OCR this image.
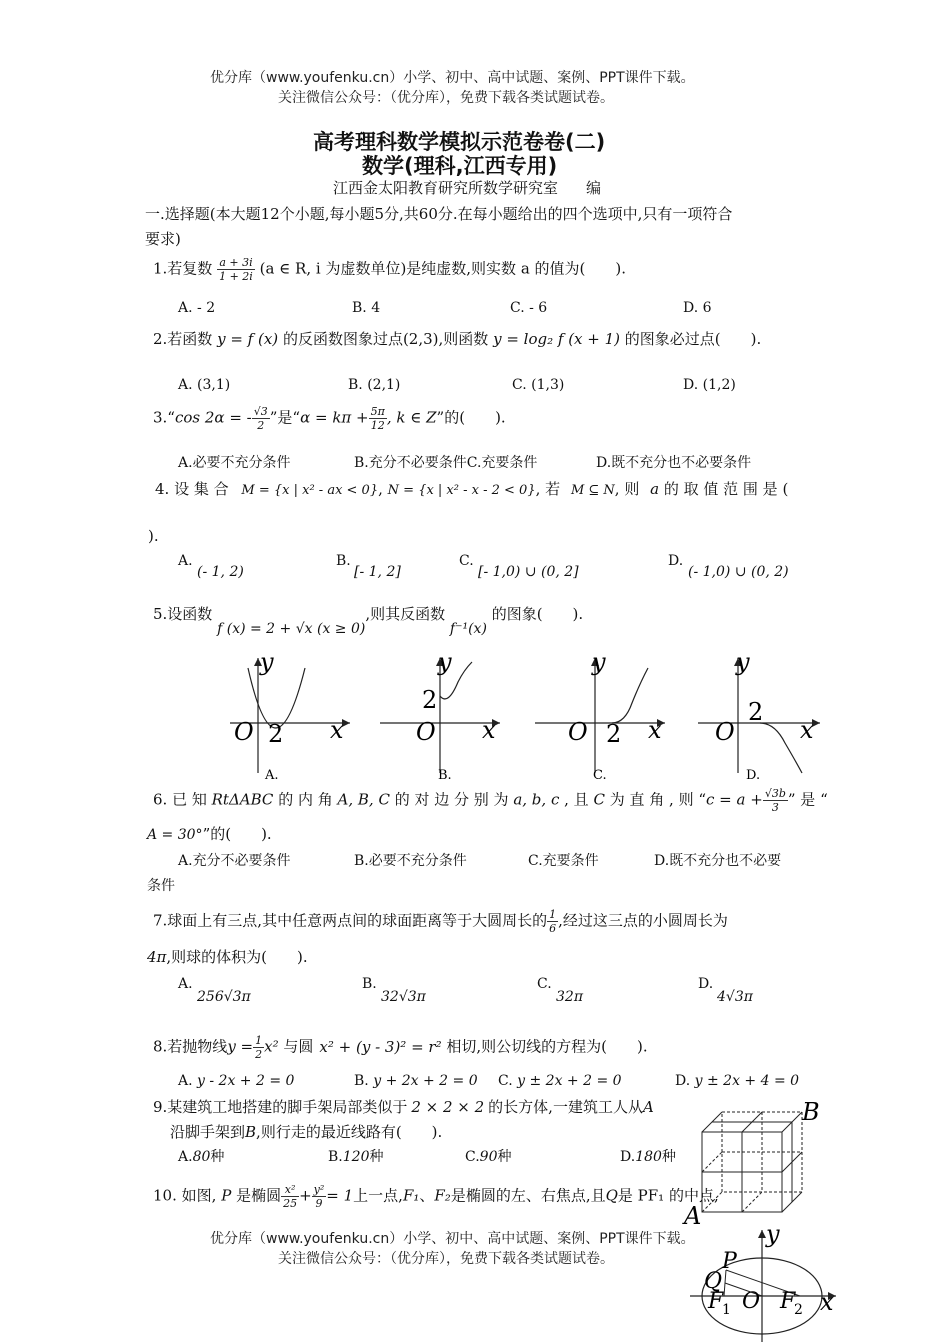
优分库（www.youfenku.cn）小学、初中、高中试题、案例、PPT课件下载。
关注微信公众号：（优分库），免费下载各类试题试卷。
高考理科数学模拟示范卷卷(二)
数学(理科,江西专用)
江西金太阳教育研究所数学研究室 编
一.选择题(本大题12个小题,每小题5分,共60分.在每小题给出的四个选项中,只有一项符合
要求)
1.若复数 $\frac{a + 3i}{1 + 2i} (a$ ∈ R, i 为虚数单位)是纯虚数,则实数 a 的值为(　　).
A. - 2	B. 4	C. - 6	D. 6
2.若函数 y = f (x) 的反函数图象过点(2,3),则函数 y = log₂ f (x + 1) 的图象必过点(　　).
A. (3,1)	B. (2,1)	C. (1,3)	D. (1,2)
3.“cos 2α = - $\frac{√3}{2}$ ”是“$\alpha = k\pi + \frac{5\pi}{12}$ , k ∈ Z”的(　　).
A.必要不充分条件	B.充分不必要条件C.充要条件	D.既不充分也不必要条件
4. 设 集 合 M = {x | x² - ax < 0}, N = {x | x² - x - 2 < 0}, 若 M ⊆ N, 则 a 的 取 值 范 围 是 (
).
A.
(- 1, 2)
B.
[- 1, 2]
C.
[- 1,0) ∪ (0, 2]
D.
(- 1,0) ∪ (0, 2)
5.设函数 f (x) = 2 + √x (x ≥ 0),则其反函数 f⁻¹(x) 的图象(　　).
y
O 2 x
A.
y
2
O x
B.
y
O 2 x
C.
y
2
O	x
D.
6. 已 知 RtΔABC 的 内 角 A, B, C 的 对 边 分 别 为 a, b, c , 且 C 为 直 角 , 则 “$c = a + \frac{√3b}{3}$ ” 是 “
A = 30°”的(　　).
A.充分不必要条件	B.必要不充分条件	C.充要条件	D.既不充分也不必要
条件
7.球面上有三点,其中任意两点间的球面距离等于大圆周长的 $\frac{1}{6}$ ,经过这三点的小圆周长为
4π,则球的体积为(　　).
A.
256√3π
B.
32√3π
C.
32π
D.
4√3π
8.若抛物线$y = \frac{1}{2} x^2$ 与圆 x² + (y - 3)² = r² 相切,则公切线的方程为(　　).
A. y - 2x + 2 = 0	B. y + 2x + 2 = 0 C. y ± 2x + 2 = 0	D. y ± 2x + 4 = 0
9.某建筑工地搭建的脚手架局部类似于 2 × 2 × 2 的长方体,一建筑工人从A
沿脚手架到B,则行走的最近线路有(　　).
A.80种	B.120种	C.90种	D.180种
B
A
10. 如图, P 是椭圆 $\frac{\text{x²}}{25} + \frac{\text{y²}}{9} = 1$上一点,F₁、F₂是椭圆的左、右焦点,且Q是 PF₁ 的中点,
优分库（www.youfenku.cn）小学、初中、高中试题、案例、PPT课件下载。
关注微信公众号：（优分库），免费下载各类试题试卷。
y
P
Q
F
1 O F
2 x
